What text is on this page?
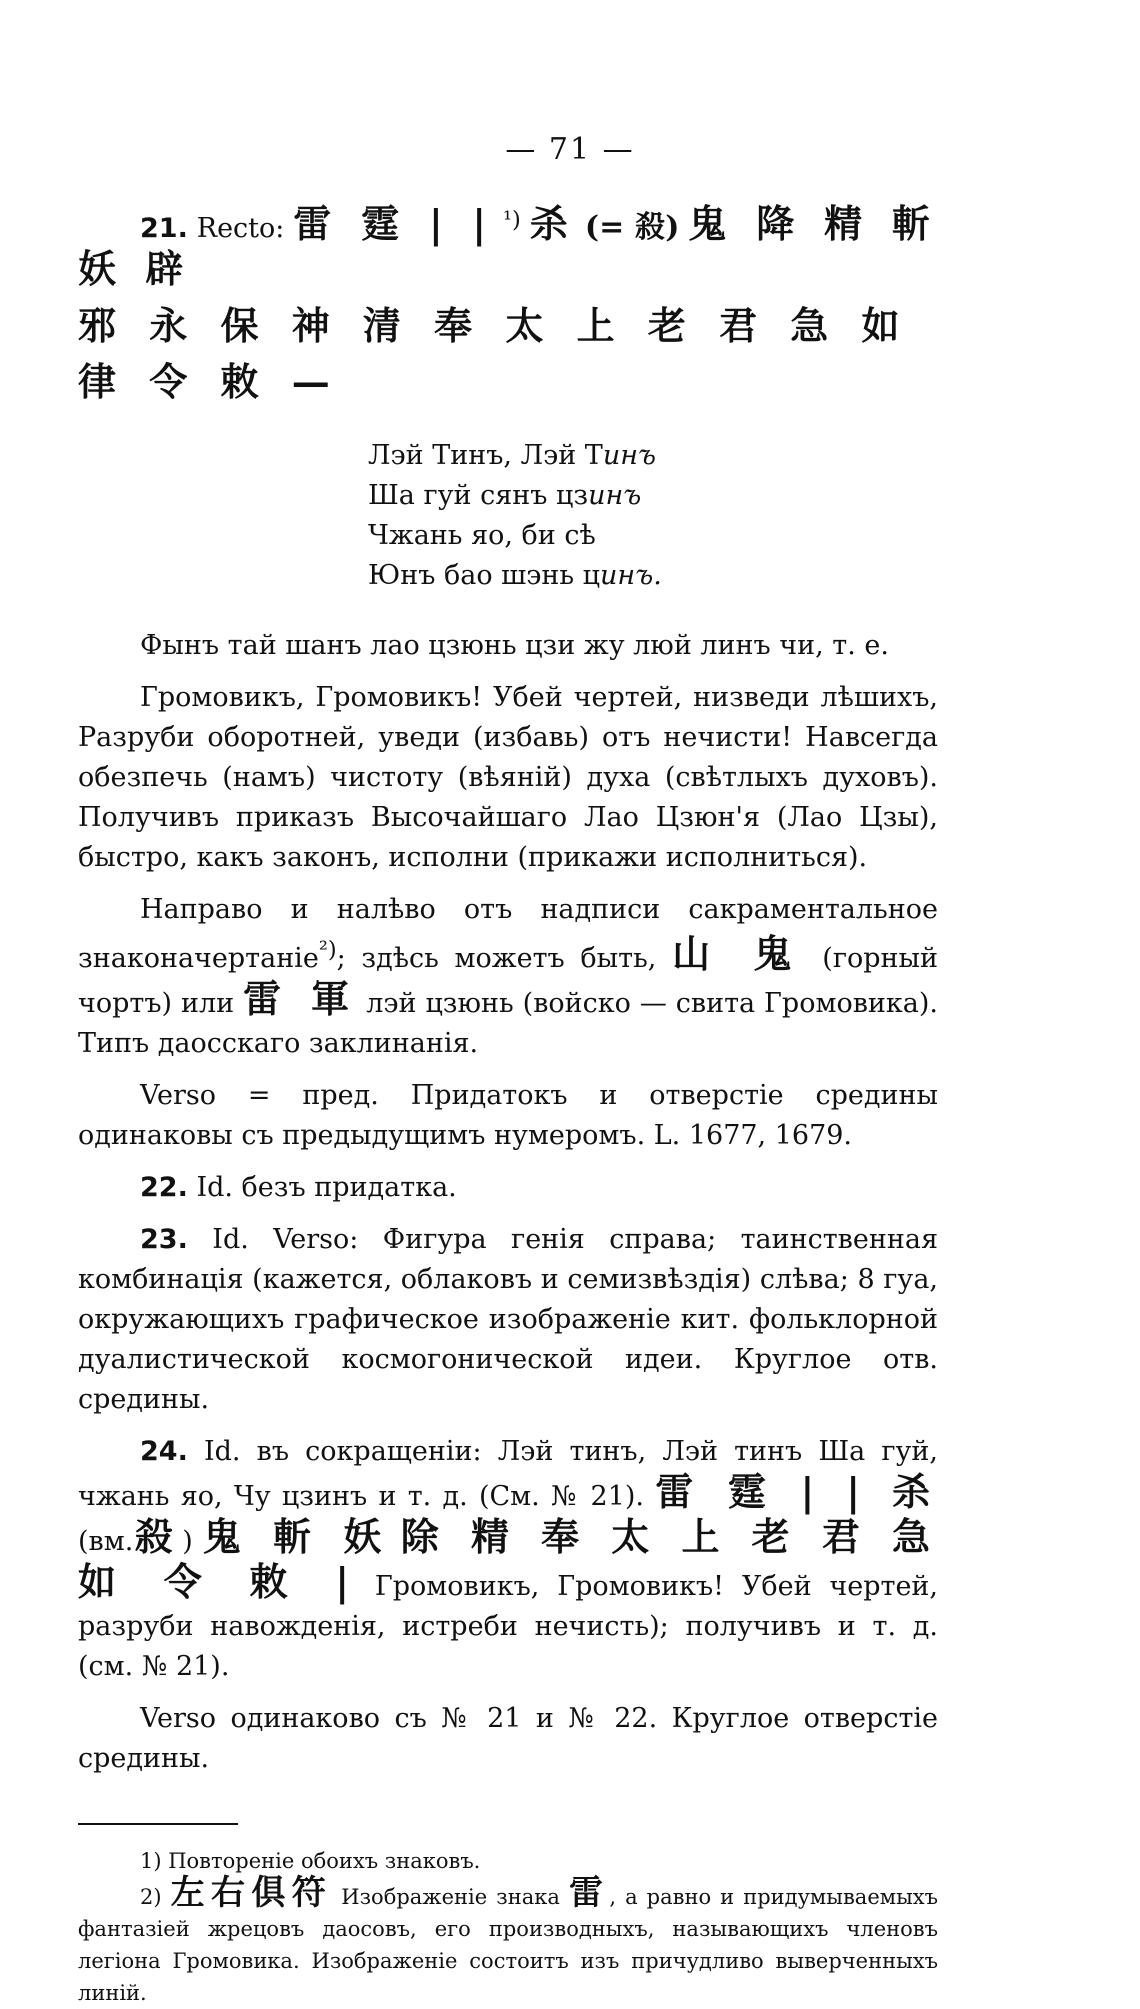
— 71 —

21. Recto: 雷 霆 | | $^{^1)}$ 杀 (= 殺) 鬼 降 精 斬 妖 辟

邪 永 保 神 清 奉 太 上 老 君 急 如 律 令 敕 —
Лэй Тинъ, Лэй Тинъ
Ша гуй сянъ цзинъ
Чжань яо, би сѣ
Юнъ бао шэнь цинъ.

Фынъ тай шанъ лао цзюнь цзи жу люй линъ чи, т. е.

Громовикъ, Громовикъ! Убей чертей, низведи лѣшихъ, Разруби оборотней, уведи (избавь) отъ нечисти! Навсегда обезпечь (намъ) чистоту (вѣяній) духа (свѣтлыхъ духовъ). Получивъ приказъ Высочайшаго Лао Цзюн'я (Лао Цзы), быстро, какъ законъ, исполни (прикажи исполниться).

Направо и налѣво отъ надписи сакраментальное знаконачертаніе$^{^2)}$; здѣсь можетъ быть, 山 鬼 (горный чортъ) или 雷 軍 лэй цзюнь (войско — свита Громовика). Типъ даосскаго заклинанія.

Verso = пред. Придатокъ и отверстіе средины одинаковы съ предыдущимъ нумеромъ. L. 1677, 1679.

22. Id. безъ придатка.

23. Id. Verso: Фигура генія справа; таинственная комбинація (кажется, облаковъ и семизвѣздія) слѣва; 8 гуа, окружающихъ графическое изображеніе кит. фольклорной дуалистической космогонической идеи. Круглое отв. средины.

24. Id. въ сокращеніи: Лэй тинъ, Лэй тинъ Ша гуй, чжань яо, Чу цзинъ и т. д. (См. № 21). 雷 霆 | | 杀 (вм.殺) 鬼 斬 妖 除 精 奉 太 上 老 君 急 如 令 敕 | Громовикъ, Громовикъ! Убей чертей, разруби навожденія, истреби нечисть); получивъ и т. д. (см. № 21).

Verso одинаково съ № 21 и № 22. Круглое отверстіе средины.

1) Повтореніе обоихъ знаковъ.

2) 左右俱符 Изображеніе знака 雷, а равно и придумываемыхъ фантазіей жрецовъ даосовъ, его производныхъ, называющихъ членовъ легіона Громовика. Изображеніе состоитъ изъ причудливо выверченныхъ линій.
